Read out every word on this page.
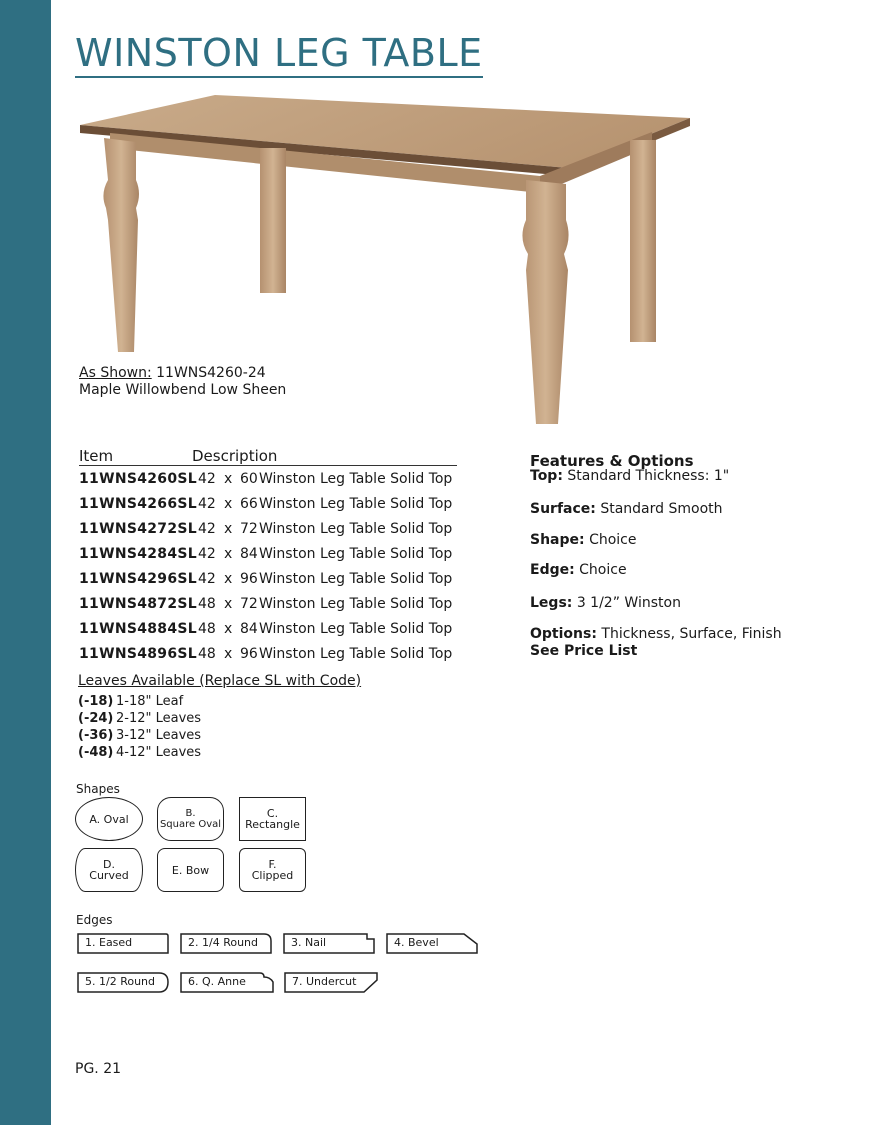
WINSTON LEG TABLE
As Shown: 11WNS4260-24
Maple Willowbend Low Sheen
Item	Description
11WNS4260SL 42 x 60 Winston Leg Table Solid Top
11WNS4266SL 42 x 66 Winston Leg Table Solid Top
11WNS4272SL 42 x 72 Winston Leg Table Solid Top
11WNS4284SL 42 x 84 Winston Leg Table Solid Top
11WNS4296SL 42 x 96 Winston Leg Table Solid Top
11WNS4872SL 48 x 72 Winston Leg Table Solid Top
11WNS4884SL 48 x 84 Winston Leg Table Solid Top
11WNS4896SL 48 x 96 Winston Leg Table Solid Top
Leaves Available (Replace SL with Code)
(-18) 1-18" Leaf
(-24) 2-12" Leaves
(-36) 3-12" Leaves
(-48) 4-12" Leaves
Features & Options
Top: Standard Thickness: 1"
Surface: Standard Smooth
Shape: Choice
Edge: Choice
Legs: 3 1/2” Winston
Options: Thickness, Surface, Finish
See Price List
Shapes
A. Oval	B.
Square Oval
C.
Rectangle
D.
Curved	E. Bow	F.
Clipped
Edges
1. Eased	2. 1/4 Round	3. Nail	4. Bevel
5. 1/2 Round	6. Q. Anne	7. Undercut
PG. 21
